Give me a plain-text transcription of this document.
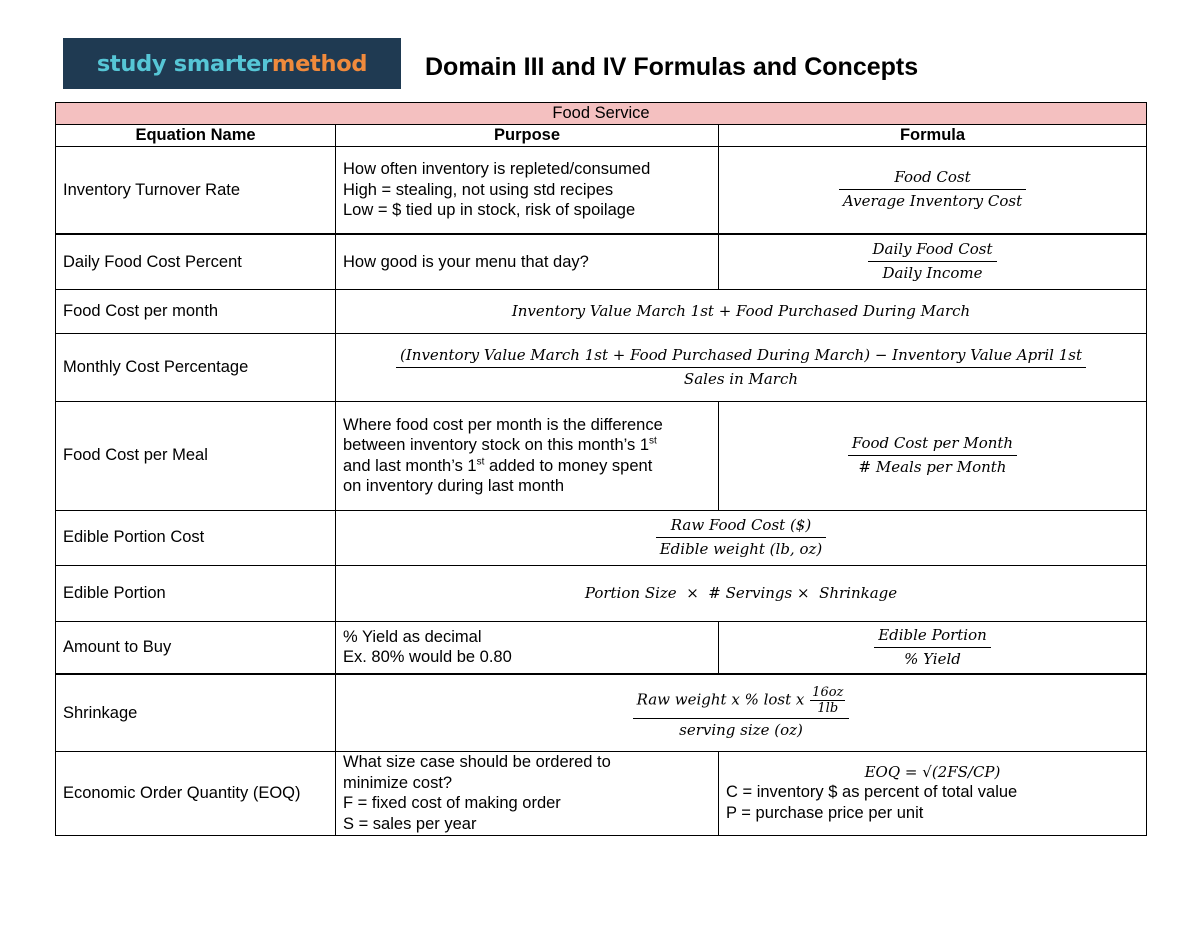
study smarter method Domain III and IV Formulas and Concepts
Food Service		
Equation Name	Purpose	Formula
Inventory Turnover Rate	How often inventory is repleted/consumed
High = stealing, not using std recipes
Low = $ tied up in stock, risk of spoilage	$\frac{\text{Food Cost}}{\text{Average Inventory Cost}}$

Daily Food Cost Percent	How good is your menu that day?	$\frac{\text{Daily Food Cost}}{\text{Daily Income}}$

Food Cost per month	Inventory Value March 1st + Food Purchased During March	
Monthly Cost Percentage	(Inventory Value March 1st + Food Purchased During March) − Inventory Value April 1st
Sales in March	

Food Cost per Meal	Where food cost per month is the difference
between inventory stock on this month’s 1st
and last month’s 1st added to money spent
on inventory during last month	$\frac{\text{Food Cost per Month}}{\text{\# Meals per Month}}$

Edible Portion Cost	$\frac{\text{Raw Food Cost (\$)}}{\text{Edible weight (lb, oz)}}$

Edible Portion	Portion Size  ×  # Servings ×  Shrinkage	
Amount to Buy	% Yield as decimal
Ex. 80% would be 0.80	$\frac{\text{Edible Portion}}{\text{\% Yield}}$

Shrinkage	Raw weight x % lost x $\frac{16oz}{1lb}$
serving size (oz)	

Economic Order Quantity (EOQ)	What size case should be ordered to
minimize cost?
F = fixed cost of making order
S = sales per year	EOQ = √(2FS/CP)
C = inventory $ as percent of total value
P = purchase price per unit
